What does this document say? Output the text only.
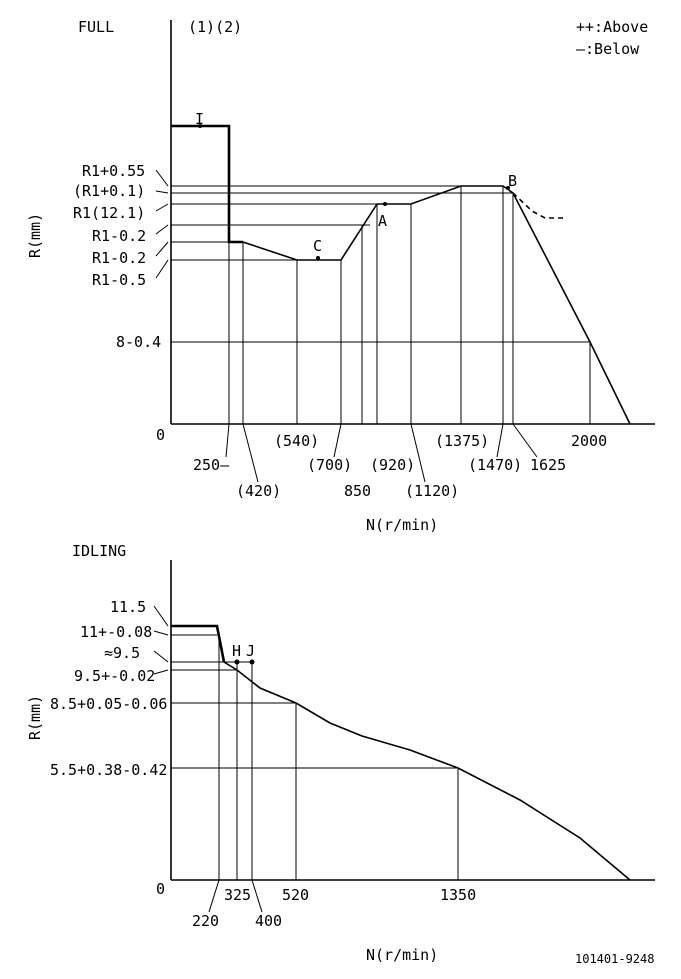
FULL	(1)(2)	++:Above
—:Below
0
R(mm)
N(r/min)
R1+0.55
(R1+0.1)
R1(12.1)
R1-0.2
R1-0.2
R1-0.5
8-0.4
I
C
A
B
250—
(420)
(540)
(700)
850
(920)
(1120)
(1375)
(1470) 1625
2000
IDLING
0
R(mm)
N(r/min)
11.5
11+-0.08
≈9.5
9.5+-0.02
8.5+0.05-0.06
5.5+0.38-0.42
H J
220
325
400
520	1350
101401-9248
